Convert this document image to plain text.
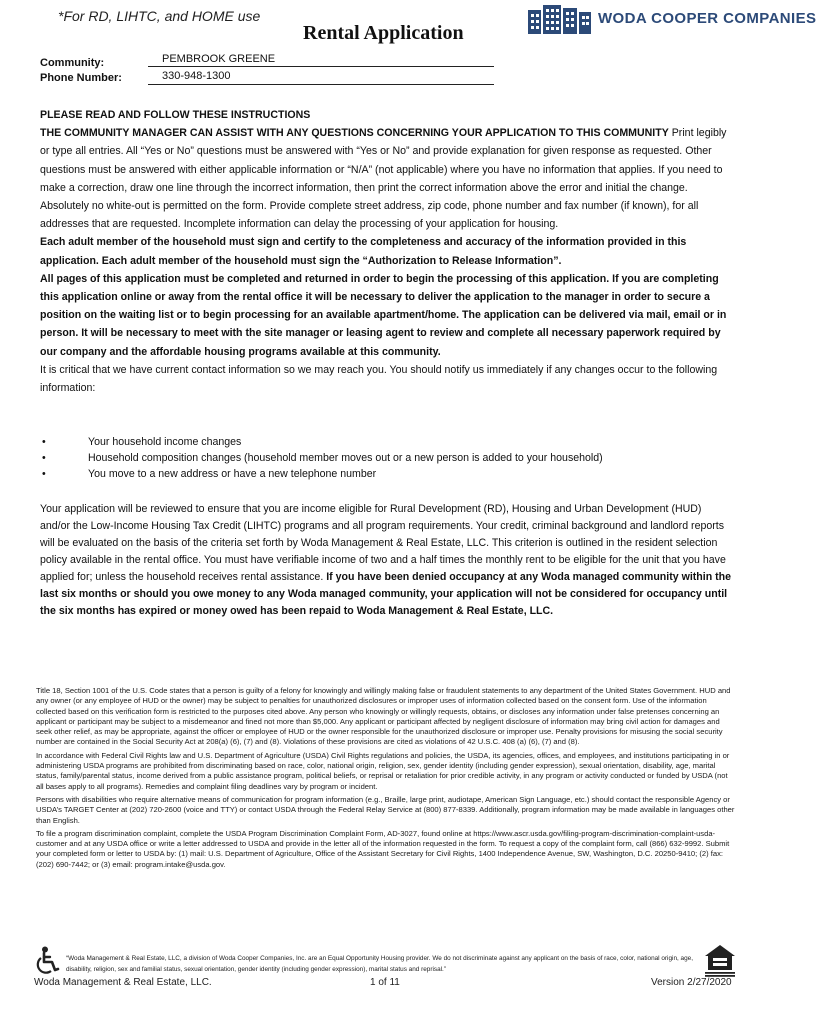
*For RD, LIHTC, and HOME use
Rental Application
WODA COOPER COMPANIES
Community:	PEMBROOK GREENE
Phone Number:	330-948-1300

PLEASE READ AND FOLLOW THESE INSTRUCTIONS

THE COMMUNITY MANAGER CAN ASSIST WITH ANY QUESTIONS CONCERNING YOUR APPLICATION TO THIS COMMUNITY Print legibly or type all entries. All “Yes or No” questions must be answered with “Yes or No” and provide explanation for given response as requested. Other questions must be answered with either applicable information or “N/A” (not applicable) where you have no information that applies. If you need to make a correction, draw one line through the incorrect information, then print the correct information above the error and initial the change. Absolutely no white-out is permitted on the form. Provide complete street address, zip code, phone number and fax number (if known), for all addresses that are requested. Incomplete information can delay the processing of your application for housing.

Each adult member of the household must sign and certify to the completeness and accuracy of the information provided in this application. Each adult member of the household must sign the “Authorization to Release Information”.

All pages of this application must be completed and returned in order to begin the processing of this application. If you are completing this application online or away from the rental office it will be necessary to deliver the application to the manager in order to secure a position on the waiting list or to begin processing for an available apartment/home. The application can be delivered via mail, email or in person. It will be necessary to meet with the site manager or leasing agent to review and complete all necessary paperwork required by our company and the affordable housing programs available at this community.

It is critical that we have current contact information so we may reach you. You should notify us immediately if any changes occur to the following information:

•	Your household income changes
•	Household composition changes (household member moves out or a new person is added to your household)
•	You move to a new address or have a new telephone number
Your application will be reviewed to ensure that you are income eligible for Rural Development (RD), Housing and Urban Development (HUD) and/or the Low-Income Housing Tax Credit (LIHTC) programs and all program requirements. Your credit, criminal background and landlord reports will be evaluated on the basis of the criteria set forth by Woda Management & Real Estate, LLC. This criterion is outlined in the resident selection policy available in the rental office. You must have verifiable income of two and a half times the monthly rent to be eligible for the unit that you have applied for; unless the household receives rental assistance. If you have been denied occupancy at any Woda managed community within the last six months or should you owe money to any Woda managed community, your application will not be considered for occupancy until the six months has expired or money owed has been repaid to Woda Management & Real Estate, LLC.

Title 18, Section 1001 of the U.S. Code states that a person is guilty of a felony for knowingly and willingly making false or fraudulent statements to any department of the United States Government. HUD and any owner (or any employee of HUD or the owner) may be subject to penalties for unauthorized disclosures or improper uses of information collected based on the consent form. Use of the information collected based on this verification form is restricted to the purposes cited above. Any person who knowingly or willingly requests, obtains, or discloses any information under false pretenses concerning an applicant or participant may be subject to a misdemeanor and fined not more than $5,000. Any applicant or participant affected by negligent disclosure of information may bring civil action for damages and seek other relief, as may be appropriate, against the officer or employee of HUD or the owner responsible for the unauthorized disclosure or improper use. Penalty provisions for misusing the social security number are contained in the Social Security Act at 208(a) (6), (7) and (8). Violations of these provisions are cited as violations of 42 U.S.C. 408 (a) (6), (7) and (8).

In accordance with Federal Civil Rights law and U.S. Department of Agriculture (USDA) Civil Rights regulations and policies, the USDA, its agencies, offices, and employees, and institutions participating in or administering USDA programs are prohibited from discriminating based on race, color, national origin, religion, sex, gender identity (including gender expression), sexual orientation, disability, age, marital status, family/parental status, income derived from a public assistance program, political beliefs, or reprisal or retaliation for prior credible activity, in any program or activity conducted or funded by USDA (not all bases apply to all programs). Remedies and complaint filing deadlines vary by program or incident.

Persons with disabilities who require alternative means of communication for program information (e.g., Braille, large print, audiotape, American Sign Language, etc.) should contact the responsible Agency or USDA’s TARGET Center at (202) 720-2600 (voice and TTY) or contact USDA through the Federal Relay Service at (800) 877-8339. Additionally, program information may be made available in languages other than English.

To file a program discrimination complaint, complete the USDA Program Discrimination Complaint Form, AD-3027, found online at https://www.ascr.usda.gov/filing-program-discrimination-complaint-usda-customer and at any USDA office or write a letter addressed to USDA and provide in the letter all of the information requested in the form. To request a copy of the complaint form, call (866) 632-9992. Submit your completed form or letter to USDA by: (1) mail: U.S. Department of Agriculture, Office of the Assistant Secretary for Civil Rights, 1400 Independence Avenue, SW, Washington, D.C. 20250-9410; (2) fax: (202) 690-7442; or (3) email: program.intake@usda.gov.

“Woda Management & Real Estate, LLC, a division of Woda Cooper Companies, Inc. are an Equal Opportunity Housing provider. We do not discriminate against any applicant on the basis of race, color, national origin, age, disability, religion, sex and familial status, sexual orientation, gender identity (including gender expression), marital status and reprisal.”
Woda Management & Real Estate, LLC.	1 of 11	Version 2/27/2020
